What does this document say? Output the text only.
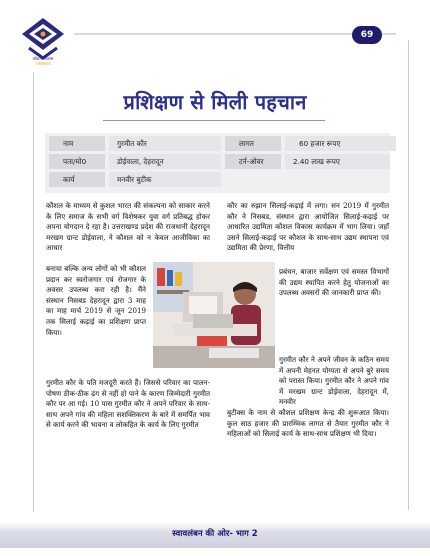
कौशल विकास
उत्तराखण्ड
69
प्रशिक्षण से मिली पहचान
नाम	गुरमीत कौर	लागत	60 हजार रूपए
पता/मो0	डोईवाला, देहरादून	टर्न-ओवर	2.40 लाख रूपए
कार्य	मनवीर बुटीक

कौशल के माध्यम से कुशल भारत की संकल्पना को साकार करने के लिए समाज के सभी वर्ग विशेषकर युवा वर्ग प्रतिबद्ध होकर अपना योगदान दे रहा है। उत्तराखण्ड प्रदेश की राजधानी देहरादून मरखम ग्रान्ट डोईवाला, ने कौशल को न केवल आजीविका का आधार

बनाया बल्कि अन्य लोगों को भी कौशल प्रदान कर स्वरोजगार एवं रोजगार के अवसर उपलब्ध करा रही है। मैंने संस्थान निसबड देहरादून द्वारा 3 माह का माह मार्च 2019 से जून 2019 तक सिलाई कढ़ाई का प्रशिक्षण प्राप्त किया।

गुरमीत कौर के पति मजदूरी करते हैं। जिससे परिवार का पालन-पोषण ठीक-ठीक ढंग से नहीं हो पाने के कारण जिम्मेदारी गुरमीत कौर पर आ गई। 10 पास गुरमीत कौर ने अपने परिवार के साथ-साथ अपने गांव की महिला सशक्तिकरण के बारे में समर्पित भाव से कार्य करने की भावना व लोकहित के कार्य के लिए गुरमीत

कौर का रुझान सिलाई-कढ़ाई में लगा। सन 2019 में गुरमीत कौर ने निसबड, संस्थान द्वारा आयोजित सिलाई-कढ़ाई पर आधारित उद्यमिता कौशल विकास कार्यक्रम में भाग लिया। जहाँ उसने सिलाई-कढ़ाई पर कौशल के साथ-साथ उद्यम स्थापना एवं उद्यमिता की प्रेरणा, वित्तीय

प्रबंधन, बाजार सर्वेक्षण एवं समस्त विभागों की उद्यम स्थापित करने हेतु योजनाओं का उपलब्ध अवसरों की जानकारी प्राप्त की।

गुरमीत कौर ने अपने जीवन के कठिन समय में अपनी मेहनत योग्यता से अपने बुरे समय को परास्त किया। गुरमीत कौर ने अपने गांव में मरखम ग्रान्ट डोईवाला, देहरादून में, मनवीर

बुटीक्स के नाम से कौशल प्रशिक्षण केन्द्र की शुरूआत किया। कुल साठ हजार की प्रारम्भिक लागत से तैयार गुरमीत कौर ने महिलाओं को सिलाई कार्य के साथ-साथ प्रशिक्षण भी दिया।

स्वावलंबन की ओर- भाग 2
